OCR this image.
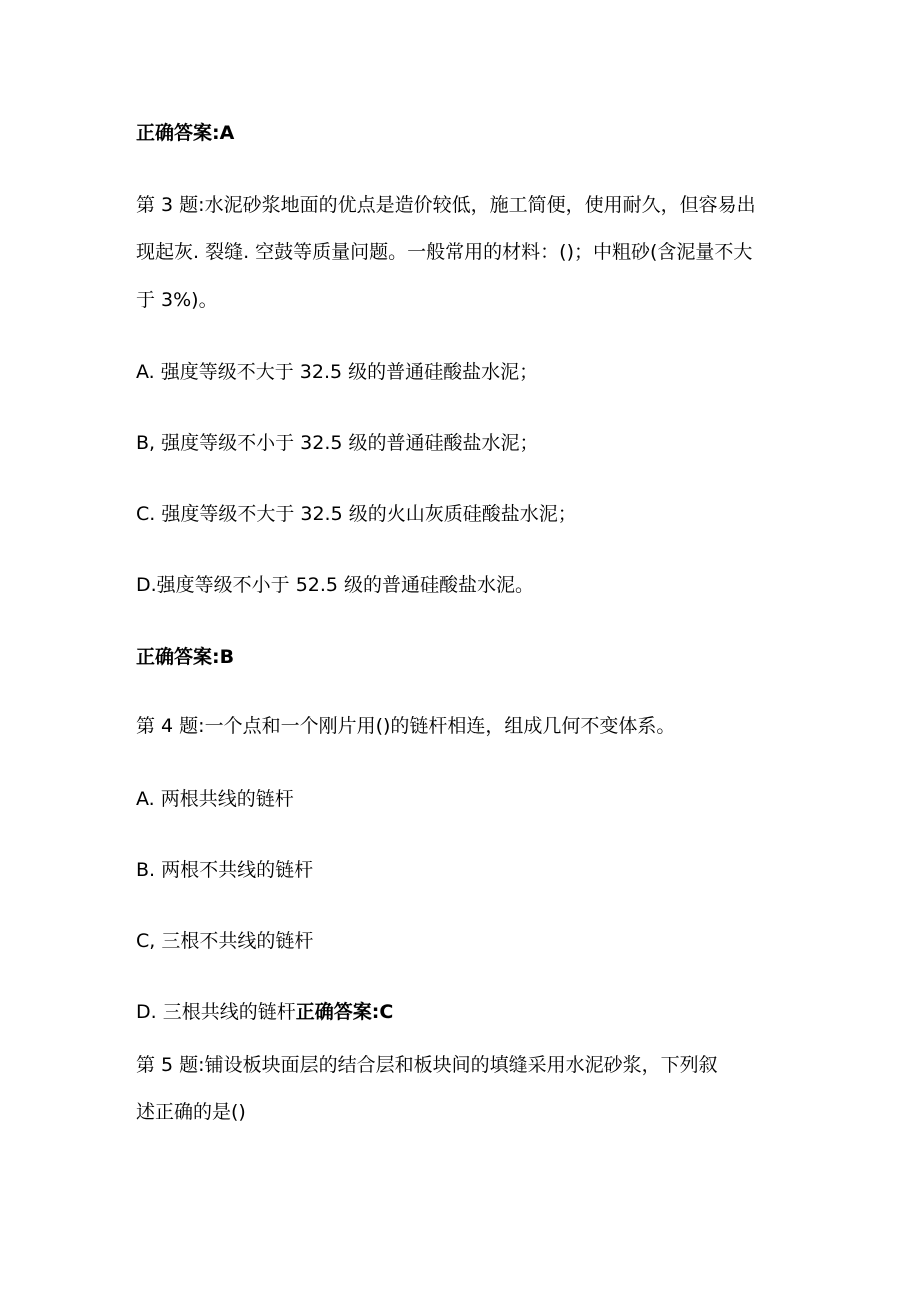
正确答案:A
第 3 题:水泥砂浆地面的优点是造价较低，施工简便，使用耐久，但容易出
现起灰. 裂缝. 空鼓等质量问题。一般常用的材料：()；中粗砂(含泥量不大
于 3%)。
A. 强度等级不大于 32.5 级的普通硅酸盐水泥；
B, 强度等级不小于 32.5 级的普通硅酸盐水泥；
C. 强度等级不大于 32.5 级的火山灰质硅酸盐水泥；
D.强度等级不小于 52.5 级的普通硅酸盐水泥。
正确答案:B
第 4 题:一个点和一个刚片用()的链杆相连，组成几何不变体系。
A. 两根共线的链杆
B. 两根不共线的链杆
C, 三根不共线的链杆
D. 三根共线的链杆正确答案:C
第 5 题:铺设板块面层的结合层和板块间的填缝采用水泥砂浆，下列叙
述正确的是()
